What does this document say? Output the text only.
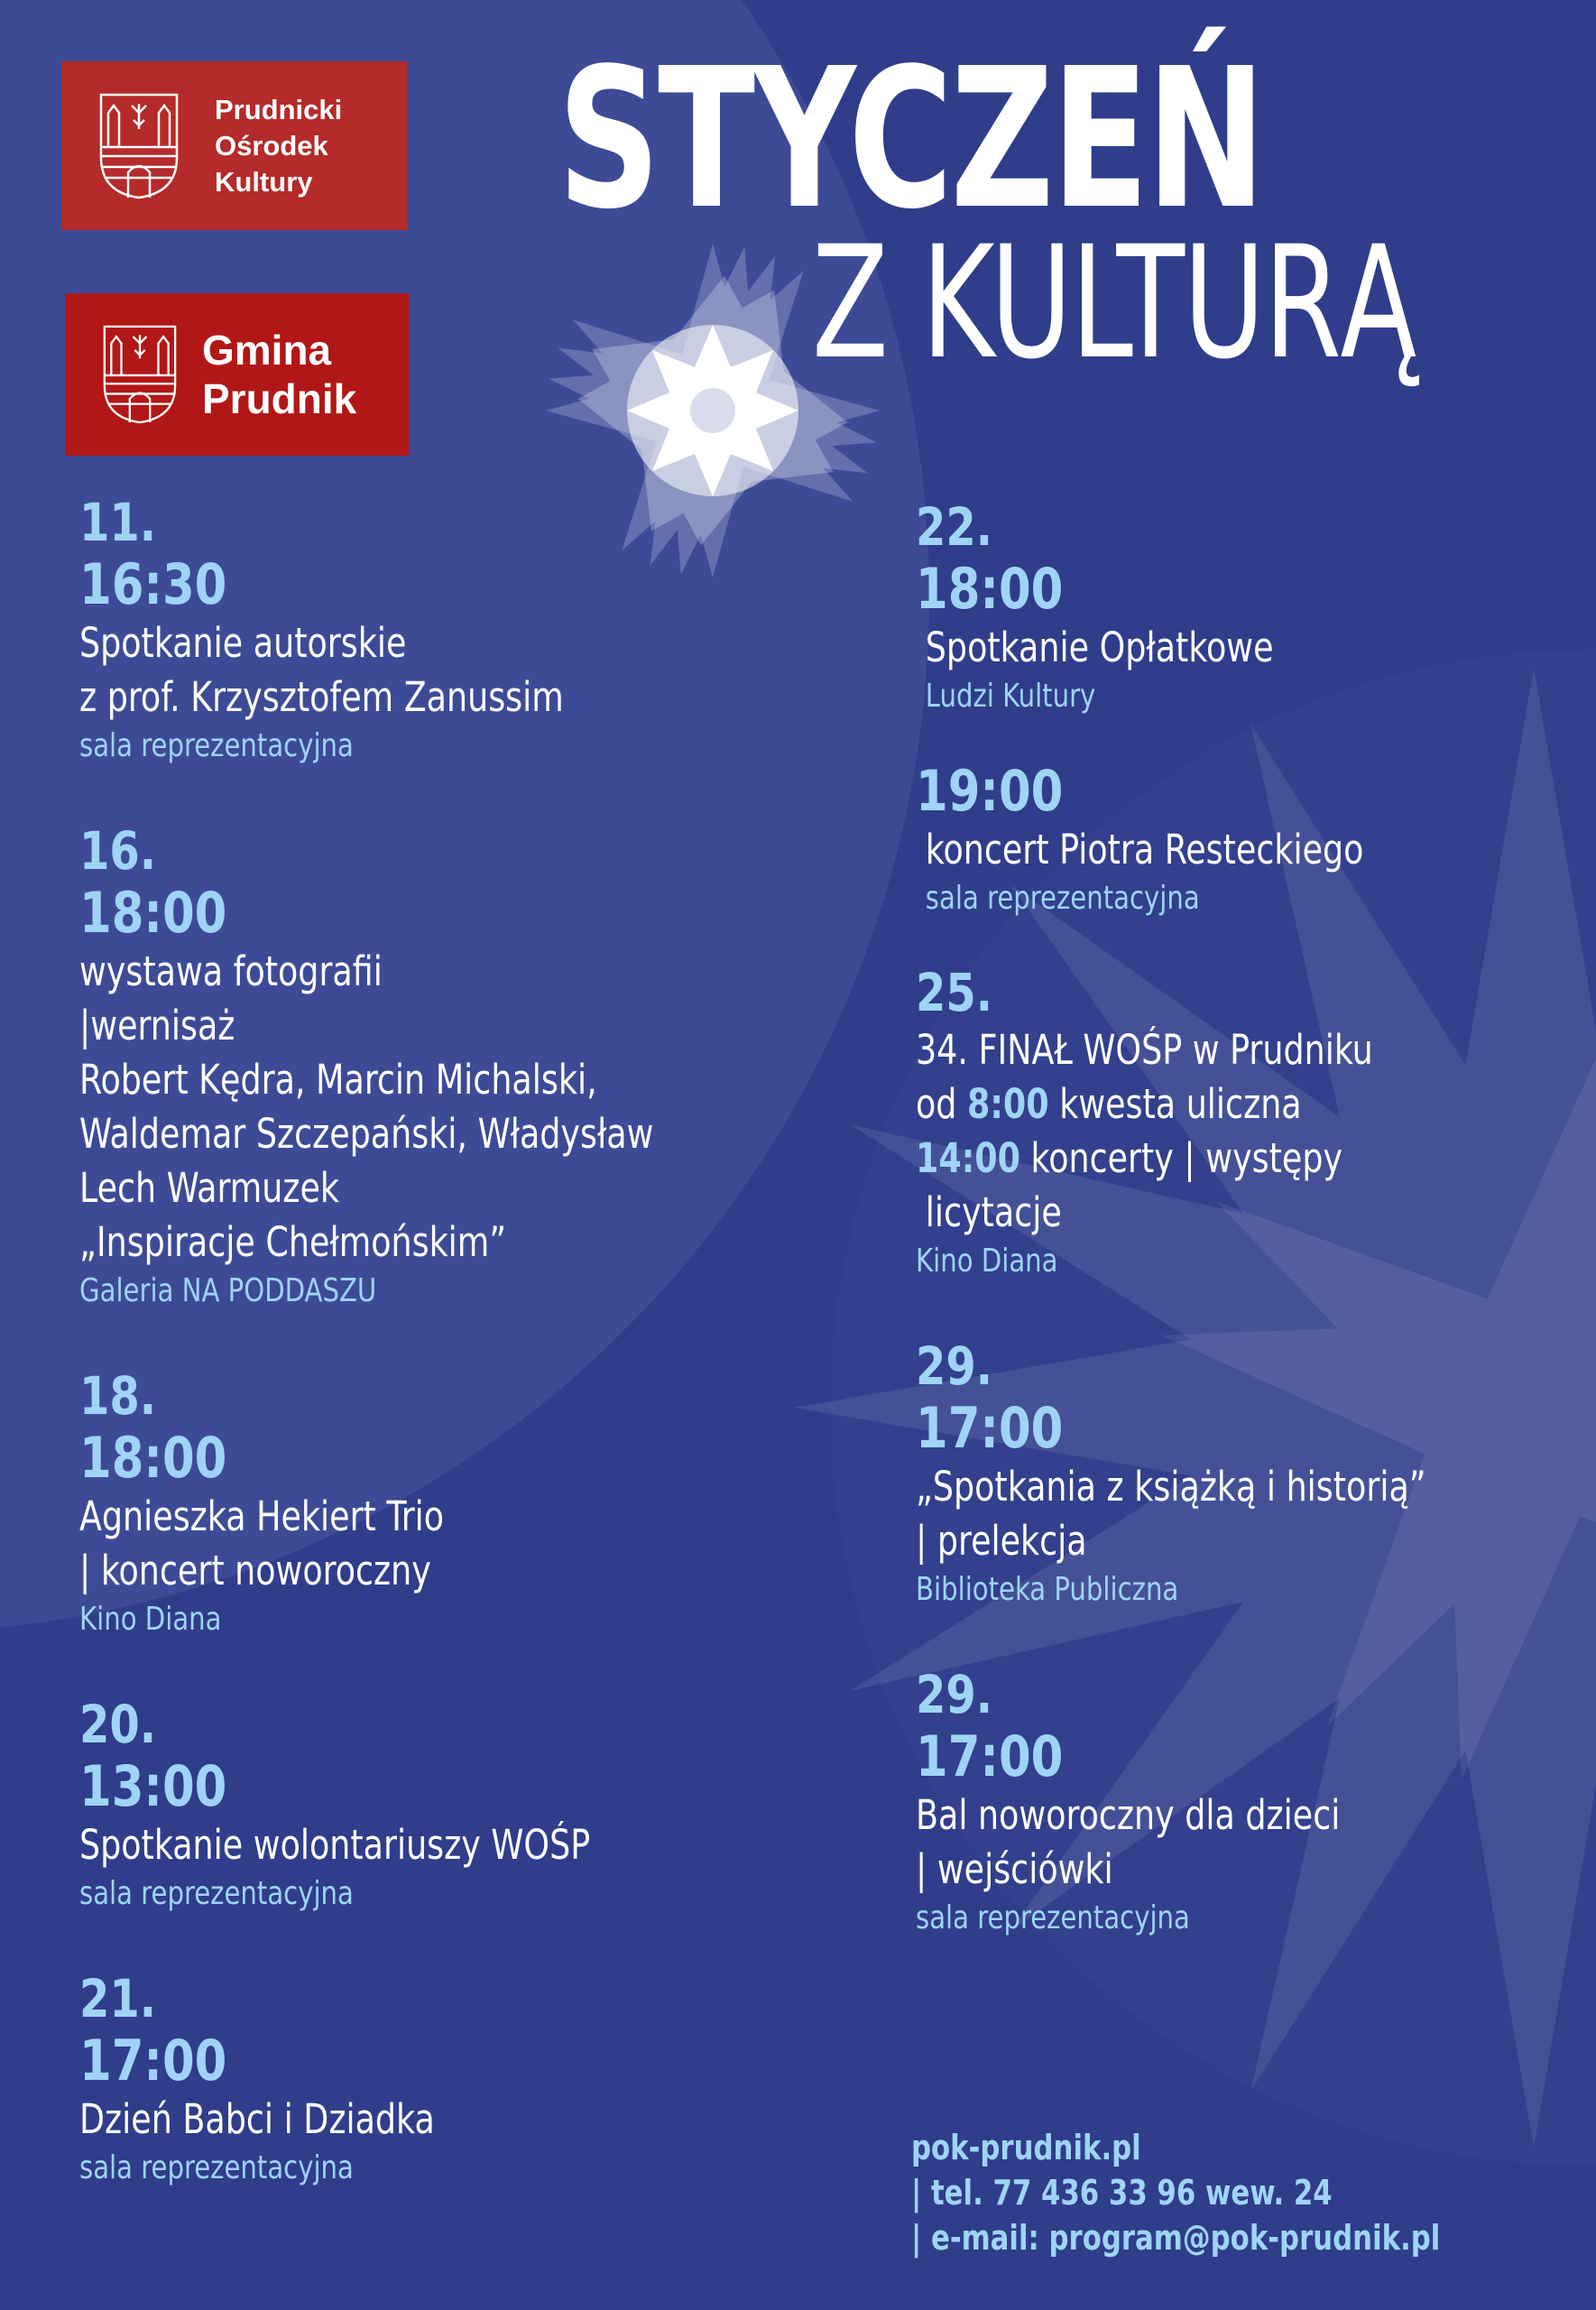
Prudnicki
Ośrodek
Kultury
Gmina
Prudnik
STYCZEŃ
Z KULTURĄ
11.
16:30
Spotkanie autorskie
z prof. Krzysztofem Zanussim
sala reprezentacyjna
16.
18:00
wystawa fotografii
|wernisaż
Robert Kędra, Marcin Michalski,
Waldemar Szczepański, Władysław
Lech Warmuzek
„Inspiracje Chełmońskim”
Galeria NA PODDASZU
18.
18:00
Agnieszka Hekiert Trio
| koncert noworoczny
Kino Diana
20.
13:00
Spotkanie wolontariuszy WOŚP
sala reprezentacyjna
21.
17:00
Dzień Babci i Dziadka
sala reprezentacyjna
22.
18:00
Spotkanie Opłatkowe
Ludzi Kultury
19:00
koncert Piotra Resteckiego
sala reprezentacyjna
25.
34. FINAŁ WOŚP w Prudniku
od 8:00 kwesta uliczna
14:00 koncerty | występy
licytacje
Kino Diana
29.
17:00
„Spotkania z książką i historią”
| prelekcja
Biblioteka Publiczna
29.
17:00
Bal noworoczny dla dzieci
| wejściówki
sala reprezentacyjna
pok-prudnik.pl
| tel. 77 436 33 96 wew. 24
| e-mail: program@pok-prudnik.pl
